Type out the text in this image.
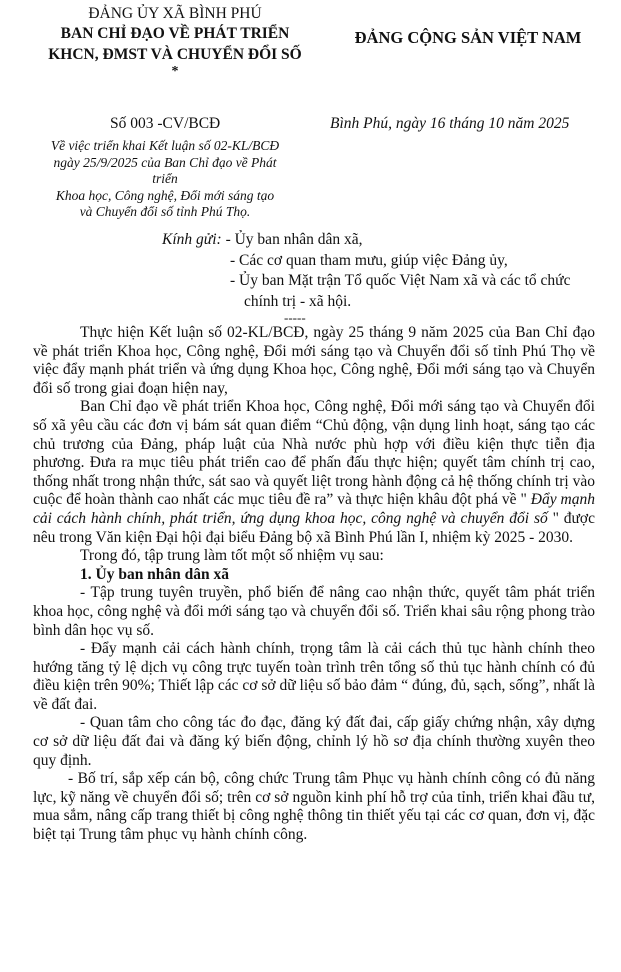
ĐẢNG ỦY XÃ BÌNH PHÚ
BAN CHỈ ĐẠO VỀ PHÁT TRIỂN
KHCN, ĐMST VÀ CHUYỂN ĐỔI SỐ
*
ĐẢNG CỘNG SẢN VIỆT NAM
Số 003 -CV/BCĐ	Bình Phú, ngày 16 tháng 10 năm 2025
Về việc triển khai Kết luận số 02-KL/BCĐ
ngày 25/9/2025 của Ban Chỉ đạo về Phát triển
Khoa học, Công nghệ, Đổi mới sáng tạo
và Chuyển đổi số tỉnh Phú Thọ.
Kính gửi: - Ủy ban nhân dân xã,
- Các cơ quan tham mưu, giúp việc Đảng ủy,
- Ủy ban Mặt trận Tổ quốc Việt Nam xã và các tổ chức
chính trị - xã hội.
-----

Thực hiện Kết luận số 02-KL/BCĐ, ngày 25 tháng 9 năm 2025 của Ban Chỉ đạo về phát triển Khoa học, Công nghệ, Đổi mới sáng tạo và Chuyển đổi số tỉnh Phú Thọ về việc đẩy mạnh phát triển và ứng dụng Khoa học, Công nghệ, Đổi mới sáng tạo và Chuyển đổi số trong giai đoạn hiện nay,

Ban Chỉ đạo về phát triển Khoa học, Công nghệ, Đổi mới sáng tạo và Chuyển đổi số xã yêu cầu các đơn vị bám sát quan điểm “Chủ động, vận dụng linh hoạt, sáng tạo các chủ trương của Đảng, pháp luật của Nhà nước phù hợp với điều kiện thực tiễn địa phương. Đưa ra mục tiêu phát triển cao để phấn đấu thực hiện; quyết tâm chính trị cao, thống nhất trong nhận thức, sát sao và quyết liệt trong hành động cả hệ thống chính trị vào cuộc để hoàn thành cao nhất các mục tiêu đề ra” và thực hiện khâu đột phá về " Đẩy mạnh cải cách hành chính, phát triển, ứng dụng khoa học, công nghệ và chuyển đổi số " được nêu trong Văn kiện Đại hội đại biểu Đảng bộ xã Bình Phú lần I, nhiệm kỳ 2025 - 2030.

Trong đó, tập trung làm tốt một số nhiệm vụ sau:

1. Ủy ban nhân dân xã

- Tập trung tuyên truyền, phổ biến để nâng cao nhận thức, quyết tâm phát triển khoa học, công nghệ và đổi mới sáng tạo và chuyển đổi số. Triển khai sâu rộng phong trào bình dân học vụ số.

- Đẩy mạnh cải cách hành chính, trọng tâm là cải cách thủ tục hành chính theo hướng tăng tỷ lệ dịch vụ công trực tuyến toàn trình trên tổng số thủ tục hành chính có đủ điều kiện trên 90%; Thiết lập các cơ sở dữ liệu số bảo đảm “ đúng, đủ, sạch, sống”, nhất là về đất đai.

- Quan tâm cho công tác đo đạc, đăng ký đất đai, cấp giấy chứng nhận, xây dựng cơ sở dữ liệu đất đai và đăng ký biến động, chỉnh lý hồ sơ địa chính thường xuyên theo quy định.

- Bố trí, sắp xếp cán bộ, công chức Trung tâm Phục vụ hành chính công có đủ năng lực, kỹ năng về chuyển đổi số; trên cơ sở nguồn kinh phí hỗ trợ của tỉnh, triển khai đầu tư, mua sắm, nâng cấp trang thiết bị công nghệ thông tin thiết yếu tại các cơ quan, đơn vị, đặc biệt tại Trung tâm phục vụ hành chính công.
